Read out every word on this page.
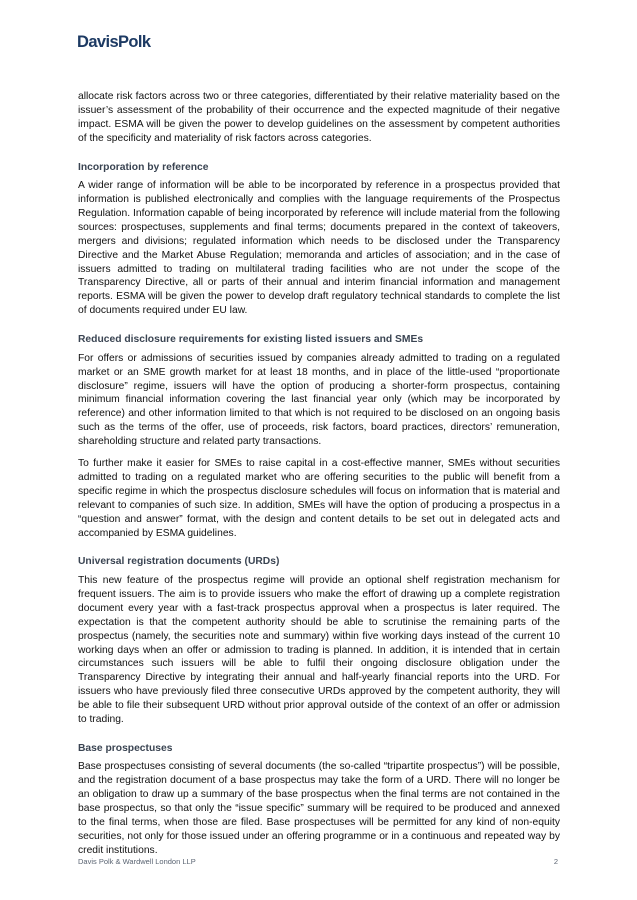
DavisPolk

allocate risk factors across two or three categories, differentiated by their relative materiality based on the issuer’s assessment of the probability of their occurrence and the expected magnitude of their negative impact. ESMA will be given the power to develop guidelines on the assessment by competent authorities of the specificity and materiality of risk factors across categories.

Incorporation by reference

A wider range of information will be able to be incorporated by reference in a prospectus provided that information is published electronically and complies with the language requirements of the Prospectus Regulation. Information capable of being incorporated by reference will include material from the following sources: prospectuses, supplements and final terms; documents prepared in the context of takeovers, mergers and divisions; regulated information which needs to be disclosed under the Transparency Directive and the Market Abuse Regulation; memoranda and articles of association; and in the case of issuers admitted to trading on multilateral trading facilities who are not under the scope of the Transparency Directive, all or parts of their annual and interim financial information and management reports. ESMA will be given the power to develop draft regulatory technical standards to complete the list of documents required under EU law.

Reduced disclosure requirements for existing listed issuers and SMEs

For offers or admissions of securities issued by companies already admitted to trading on a regulated market or an SME growth market for at least 18 months, and in place of the little-used “proportionate disclosure” regime, issuers will have the option of producing a shorter-form prospectus, containing minimum financial information covering the last financial year only (which may be incorporated by reference) and other information limited to that which is not required to be disclosed on an ongoing basis such as the terms of the offer, use of proceeds, risk factors, board practices, directors’ remuneration, shareholding structure and related party transactions.

To further make it easier for SMEs to raise capital in a cost-effective manner, SMEs without securities admitted to trading on a regulated market who are offering securities to the public will benefit from a specific regime in which the prospectus disclosure schedules will focus on information that is material and relevant to companies of such size. In addition, SMEs will have the option of producing a prospectus in a “question and answer” format, with the design and content details to be set out in delegated acts and accompanied by ESMA guidelines.

Universal registration documents (URDs)

This new feature of the prospectus regime will provide an optional shelf registration mechanism for frequent issuers. The aim is to provide issuers who make the effort of drawing up a complete registration document every year with a fast-track prospectus approval when a prospectus is later required. The expectation is that the competent authority should be able to scrutinise the remaining parts of the prospectus (namely, the securities note and summary) within five working days instead of the current 10 working days when an offer or admission to trading is planned. In addition, it is intended that in certain circumstances such issuers will be able to fulfil their ongoing disclosure obligation under the Transparency Directive by integrating their annual and half-yearly financial reports into the URD. For issuers who have previously filed three consecutive URDs approved by the competent authority, they will be able to file their subsequent URD without prior approval outside of the context of an offer or admission to trading.

Base prospectuses

Base prospectuses consisting of several documents (the so-called “tripartite prospectus”) will be possible, and the registration document of a base prospectus may take the form of a URD. There will no longer be an obligation to draw up a summary of the base prospectus when the final terms are not contained in the base prospectus, so that only the “issue specific” summary will be required to be produced and annexed to the final terms, when those are filed. Base prospectuses will be permitted for any kind of non-equity securities, not only for those issued under an offering programme or in a continuous and repeated way by credit institutions.

Davis Polk & Wardwell London LLP	2
